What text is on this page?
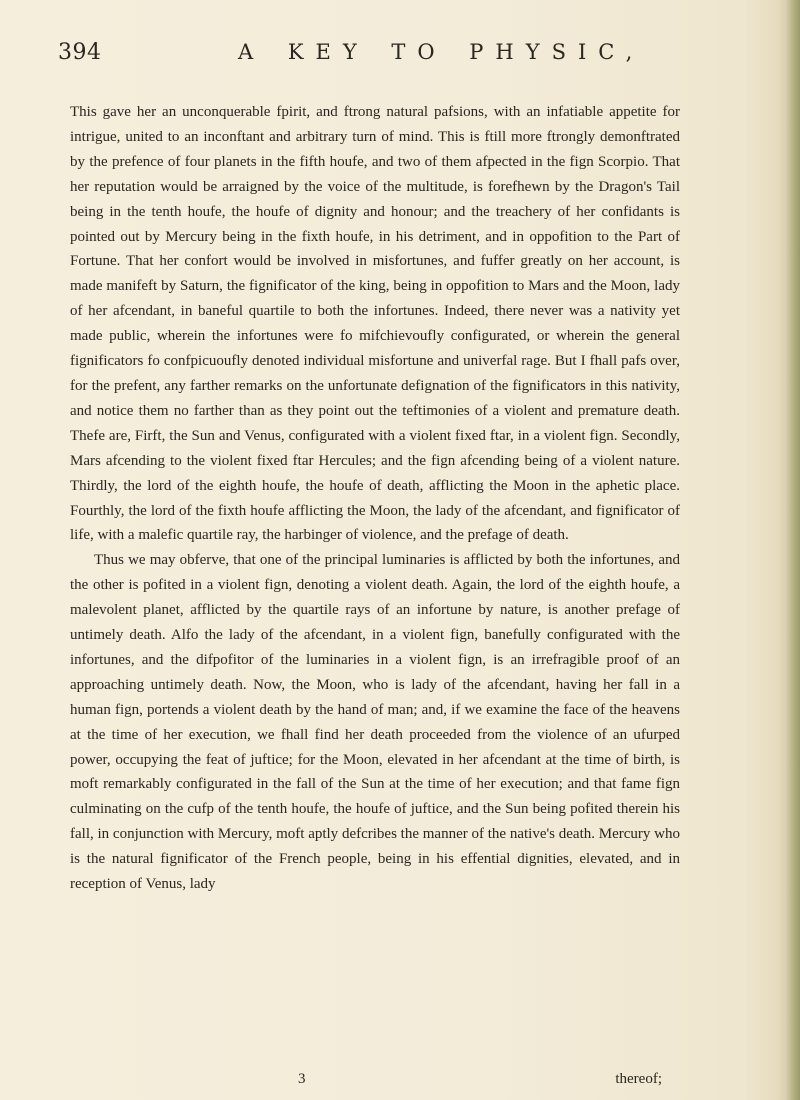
394	A KEY TO PHYSIC,

This gave her an unconquerable fpirit, and ftrong natural pafsions, with an infatiable appetite for intrigue, united to an inconftant and arbitrary turn of mind. This is ftill more ftrongly demonftrated by the prefence of four planets in the fifth houfe, and two of them afpected in the fign Scorpio. That her reputation would be arraigned by the voice of the multitude, is forefhewn by the Dragon's Tail being in the tenth houfe, the houfe of dignity and honour; and the treachery of her confidants is pointed out by Mercury being in the fixth houfe, in his detriment, and in oppofition to the Part of Fortune. That her confort would be involved in misfortunes, and fuffer greatly on her account, is made manifeft by Saturn, the fignificator of the king, being in oppofition to Mars and the Moon, lady of her afcendant, in baneful quartile to both the infortunes. Indeed, there never was a nativity yet made public, wherein the infortunes were fo mifchievoufly configurated, or wherein the general fignificators fo confpicuoufly denoted individual misfortune and univerfal rage. But I fhall pafs over, for the prefent, any farther remarks on the unfortunate defignation of the fignificators in this nativity, and notice them no farther than as they point out the teftimonies of a violent and premature death. Thefe are, Firft, the Sun and Venus, configurated with a violent fixed ftar, in a violent fign. Secondly, Mars afcending to the violent fixed ftar Hercules; and the fign afcending being of a violent nature. Thirdly, the lord of the eighth houfe, the houfe of death, afflicting the Moon in the aphetic place. Fourthly, the lord of the fixth houfe afflicting the Moon, the lady of the afcendant, and fignificator of life, with a malefic quartile ray, the harbinger of violence, and the prefage of death.

Thus we may obferve, that one of the principal luminaries is afflicted by both the infortunes, and the other is pofited in a violent fign, denoting a violent death. Again, the lord of the eighth houfe, a malevolent planet, afflicted by the quartile rays of an infortune by nature, is another prefage of untimely death. Alfo the lady of the afcendant, in a violent fign, banefully configurated with the infortunes, and the difpofitor of the luminaries in a violent fign, is an irrefragible proof of an approaching untimely death. Now, the Moon, who is lady of the afcendant, having her fall in a human fign, portends a violent death by the hand of man; and, if we examine the face of the heavens at the time of her execution, we fhall find her death proceeded from the violence of an ufurped power, occupying the feat of juftice; for the Moon, elevated in her afcendant at the time of birth, is moft remarkably configurated in the fall of the Sun at the time of her execution; and that fame fign culminating on the cufp of the tenth houfe, the houfe of juftice, and the Sun being pofited therein his fall, in conjunction with Mercury, moft aptly defcribes the manner of the native's death. Mercury who is the natural fignificator of the French people, being in his effential dignities, elevated, and in reception of Venus, lady

3	thereof;
